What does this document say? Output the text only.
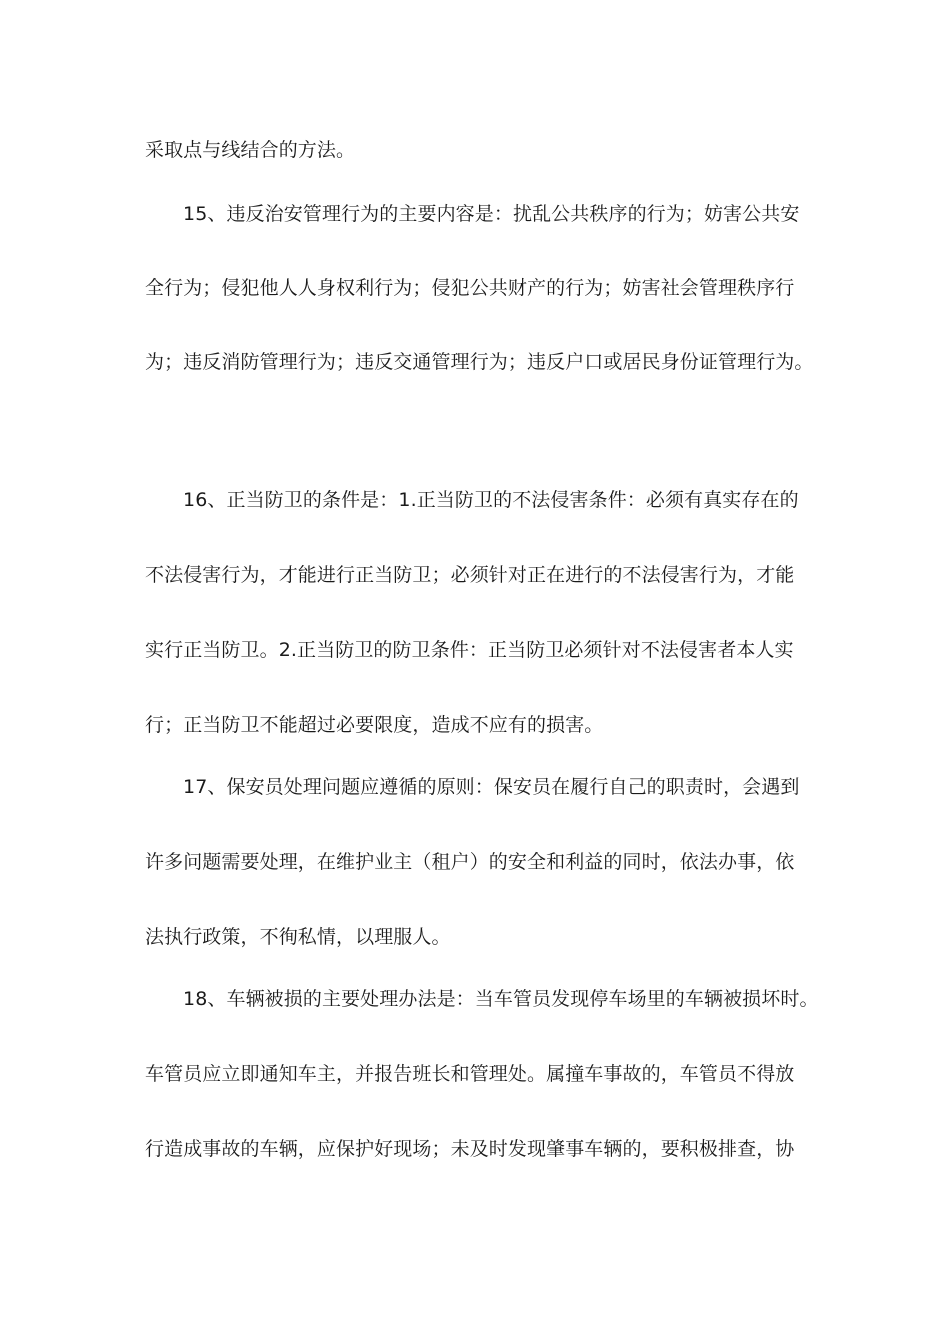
采取点与线结合的方法。
15、违反治安管理行为的主要内容是：扰乱公共秩序的行为；妨害公共安
全行为；侵犯他人人身权利行为；侵犯公共财产的行为；妨害社会管理秩序行
为；违反消防管理行为；违反交通管理行为；违反户口或居民身份证管理行为。
16、正当防卫的条件是：1.正当防卫的不法侵害条件：必须有真实存在的
不法侵害行为，才能进行正当防卫；必须针对正在进行的不法侵害行为，才能
实行正当防卫。2.正当防卫的防卫条件：正当防卫必须针对不法侵害者本人实
行；正当防卫不能超过必要限度，造成不应有的损害。
17、保安员处理问题应遵循的原则：保安员在履行自己的职责时，会遇到
许多问题需要处理，在维护业主（租户）的安全和利益的同时，依法办事，依
法执行政策，不徇私情，以理服人。
18、车辆被损的主要处理办法是：当车管员发现停车场里的车辆被损坏时。
车管员应立即通知车主，并报告班长和管理处。属撞车事故的，车管员不得放
行造成事故的车辆，应保护好现场；未及时发现肇事车辆的，要积极排查，协
